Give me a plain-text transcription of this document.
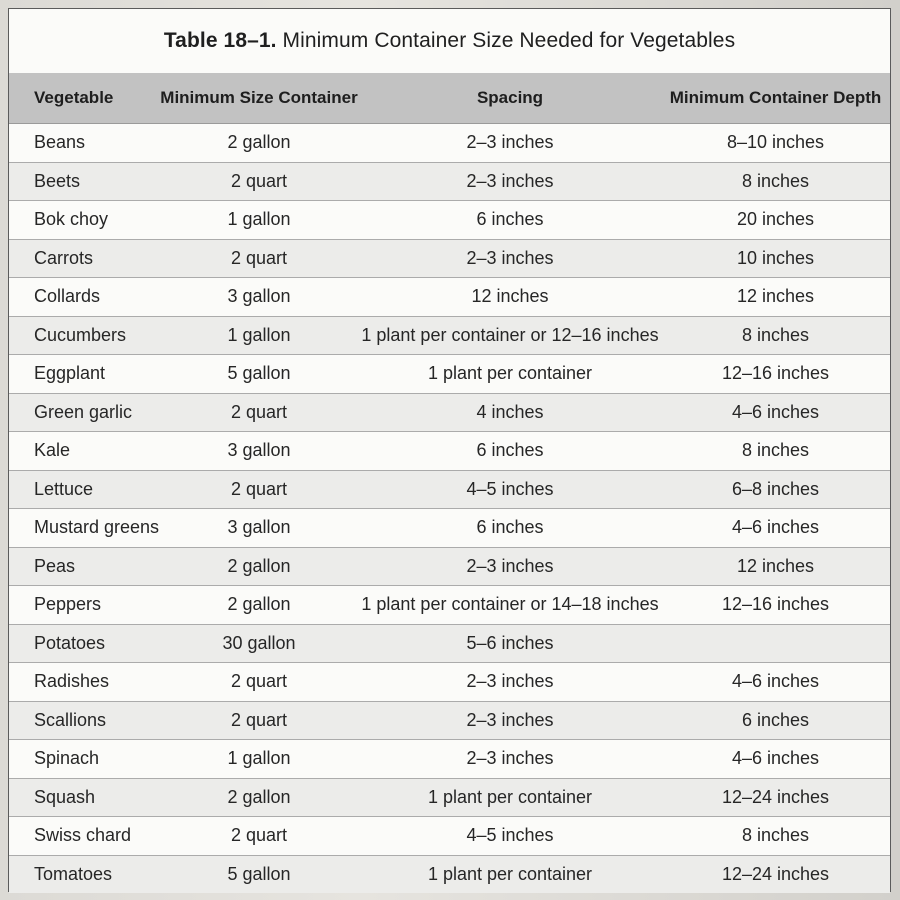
Table 18–1. Minimum Container Size Needed for Vegetables
Vegetable	Minimum Size Container	Spacing	Minimum Container Depth
Beans	2 gallon	2–3 inches	8–10 inches
Beets	2 quart	2–3 inches	8 inches
Bok choy	1 gallon	6 inches	20 inches
Carrots	2 quart	2–3 inches	10 inches
Collards	3 gallon	12 inches	12 inches
Cucumbers	1 gallon	1 plant per container or 12–16 inches	8 inches
Eggplant	5 gallon	1 plant per container	12–16 inches
Green garlic	2 quart	4 inches	4–6 inches
Kale	3 gallon	6 inches	8 inches
Lettuce	2 quart	4–5 inches	6–8 inches
Mustard greens	3 gallon	6 inches	4–6 inches
Peas	2 gallon	2–3 inches	12 inches
Peppers	2 gallon	1 plant per container or 14–18 inches	12–16 inches
Potatoes	30 gallon	5–6 inches	
Radishes	2 quart	2–3 inches	4–6 inches
Scallions	2 quart	2–3 inches	6 inches
Spinach	1 gallon	2–3 inches	4–6 inches
Squash	2 gallon	1 plant per container	12–24 inches
Swiss chard	2 quart	4–5 inches	8 inches
Tomatoes	5 gallon	1 plant per container	12–24 inches
